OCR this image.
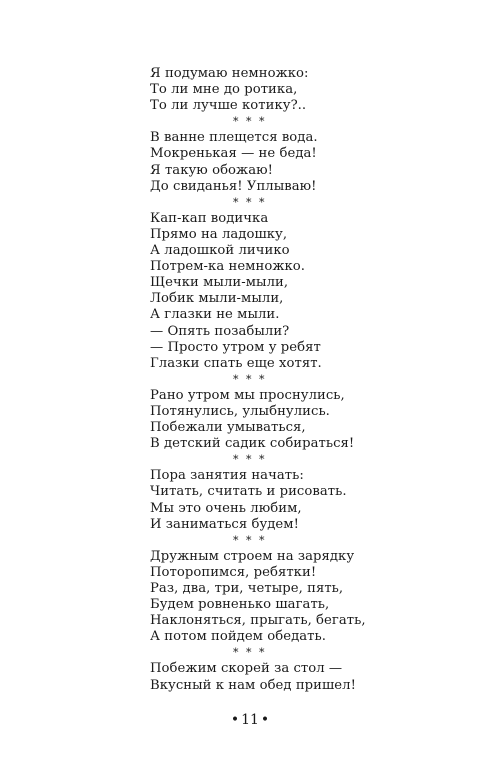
Я подумаю немножко:
То ли мне до ротика,
То ли лучше котику?..
* * *
В ванне плещется вода.
Мокренькая — не беда!
Я такую обожаю!
До свиданья! Уплываю!
* * *
Кап-кап водичка
Прямо на ладошку,
А ладошкой личико
Потрем-ка немножко.
Щечки мыли-мыли,
Лобик мыли-мыли,
А глазки не мыли.
— Опять позабыли?
— Просто утром у ребят
Глазки спать еще хотят.
* * *
Рано утром мы проснулись,
Потянулись, улыбнулись.
Побежали умываться,
В детский садик собираться!
* * *
Пора занятия начать:
Читать, считать и рисовать.
Мы это очень любим,
И заниматься будем!
* * *
Дружным строем на зарядку
Поторопимся, ребятки!
Раз, два, три, четыре, пять,
Будем ровненько шагать,
Наклоняться, прыгать, бегать,
А потом пойдем обедать.
* * *
Побежим скорей за стол —
Вкусный к нам обед пришел!
• 11 •
